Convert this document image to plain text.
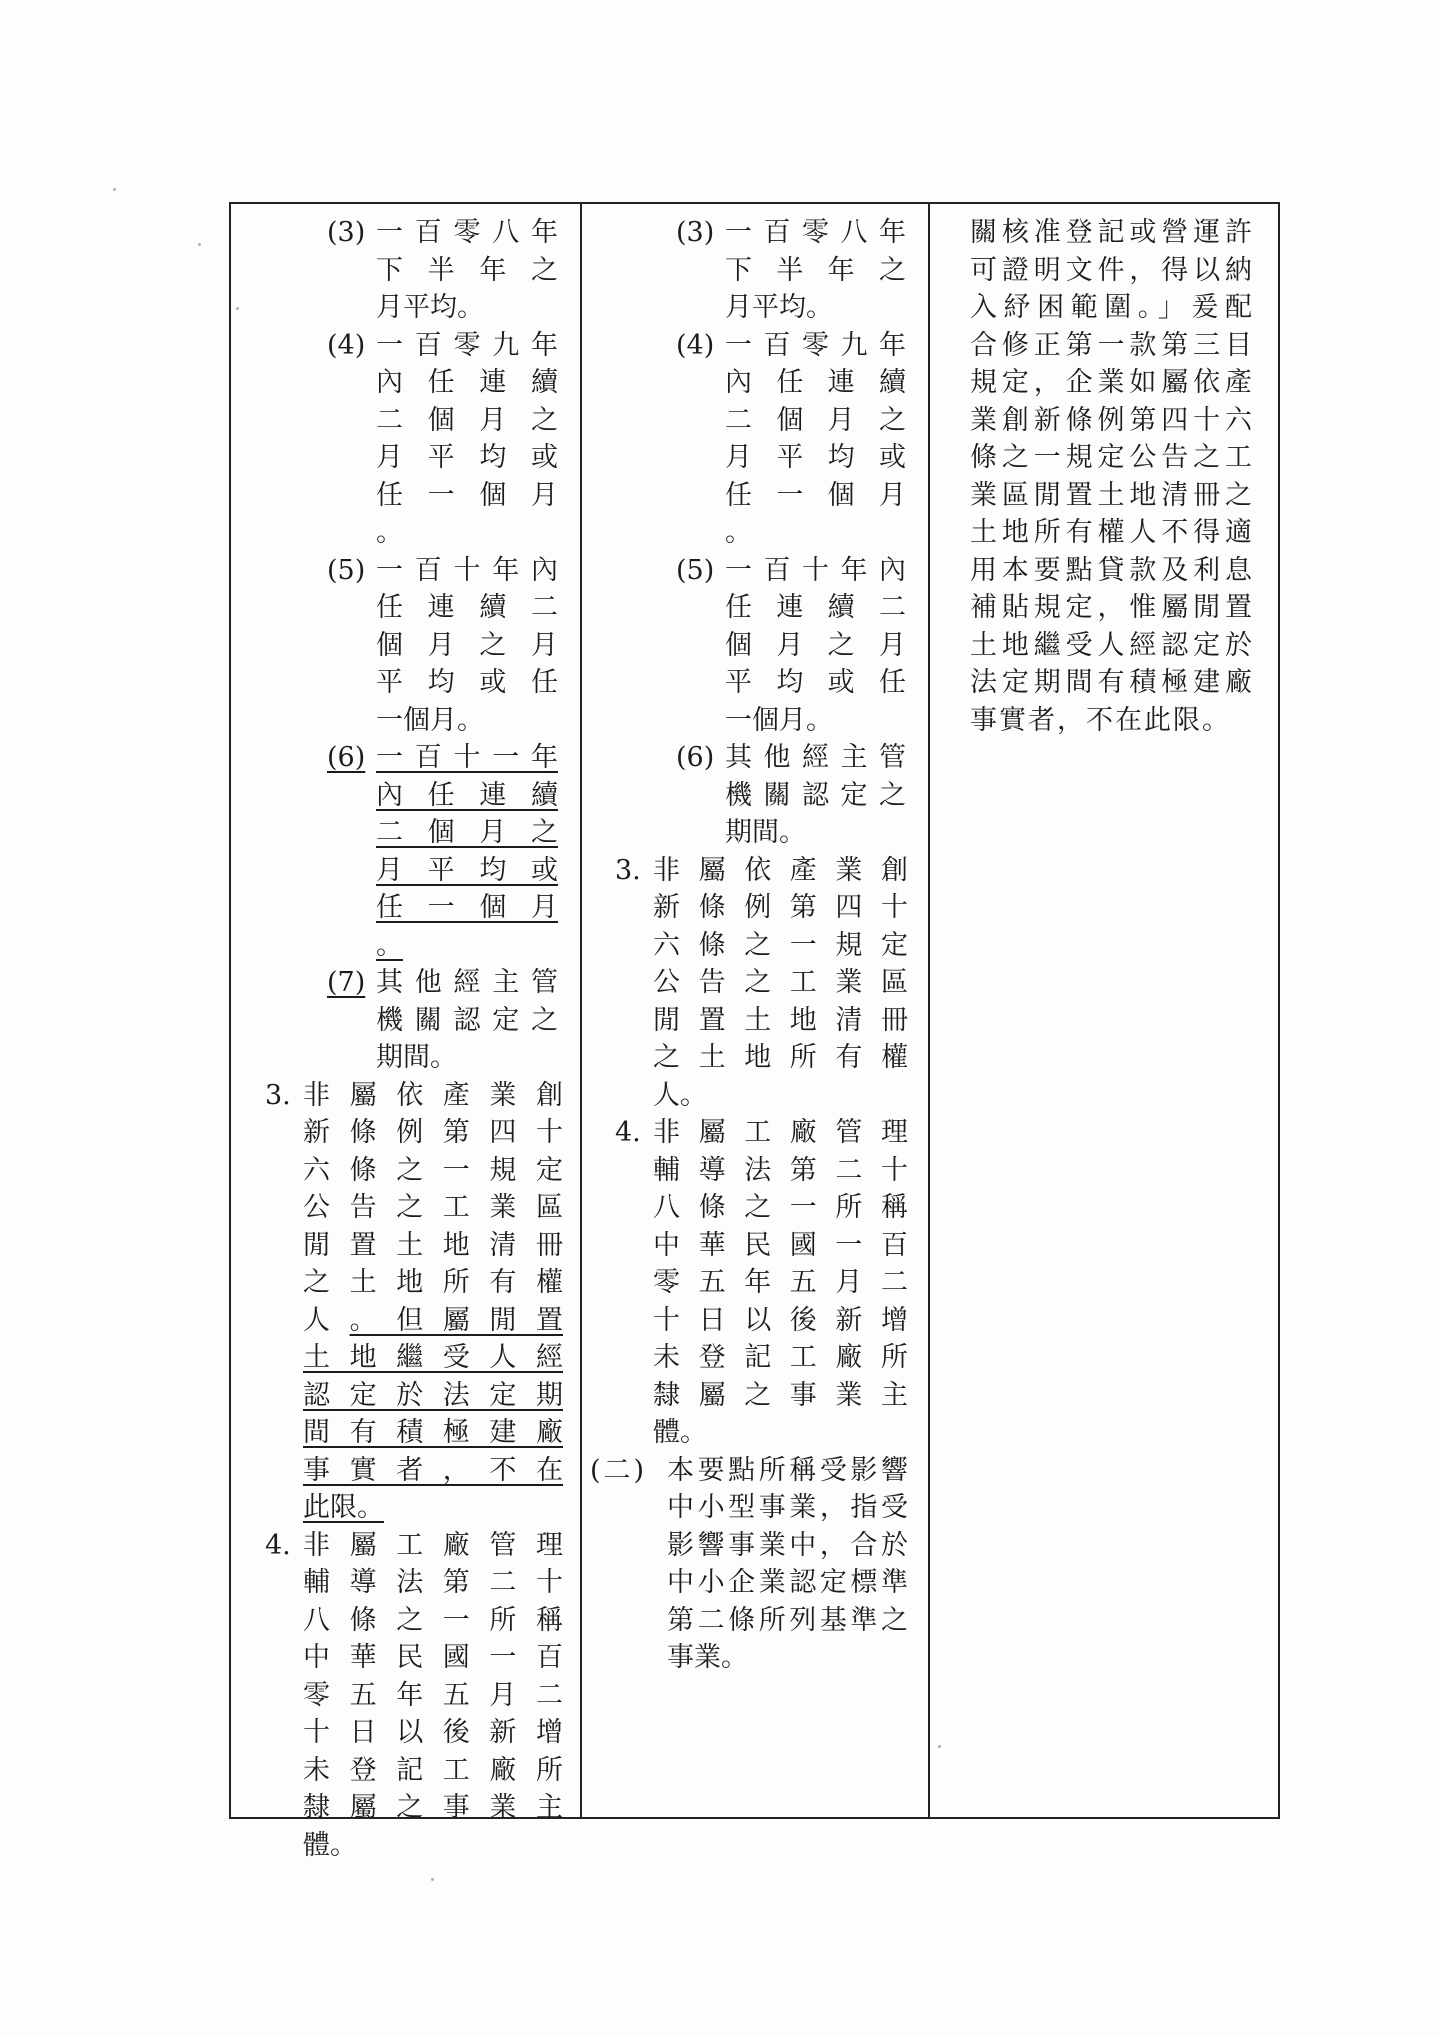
(3) 一百零八年
下半年之
月平均。
(4) 一百零九年
內任連續
二個月之
月平均或
任一個月
。
(5) 一百十年內
任連續二
個月之月
平均或任
一個月。
(6) 一百十一年
內任連續
二個月之
月平均或
任一個月
。
(7) 其他經主管
機關認定之
期間。
3. 非屬依產業創
新條例第四十
六條之一規定
公告之工業區
閒置土地清冊
之土地所有權
人。但屬閒置
土地繼受人經
認定於法定期
間有積極建廠
事實者，不在
此限。
4. 非屬工廠管理
輔導法第二十
八條之一所稱
中華民國一百
零五年五月二
十日以後新增
未登記工廠所
隸屬之事業主
體。
(3) 一百零八年
下半年之
月平均。
(4) 一百零九年
內任連續
二個月之
月平均或
任一個月
。
(5) 一百十年內
任連續二
個月之月
平均或任
一個月。
(6) 其他經主管
機關認定之
期間。
3. 非屬依產業創
新條例第四十
六條之一規定
公告之工業區
閒置土地清冊
之土地所有權
人。
4. 非屬工廠管理
輔導法第二十
八條之一所稱
中華民國一百
零五年五月二
十日以後新增
未登記工廠所
隸屬之事業主
體。
(二) 本要點所稱受影響
中小型事業，指受
影響事業中，合於
中小企業認定標準
第二條所列基準之
事業。
關核准登記或營運許 可證明文件，得以納 入紓困範圍。」爰配 合修正第一款第三目 規定，企業如屬依產 業創新條例第四十六 條之一規定公告之工 業區閒置土地清冊之 土地所有權人不得適 用本要點貸款及利息 補貼規定，惟屬閒置 土地繼受人經認定於 法定期間有積極建廠 事實者，不在此限。
